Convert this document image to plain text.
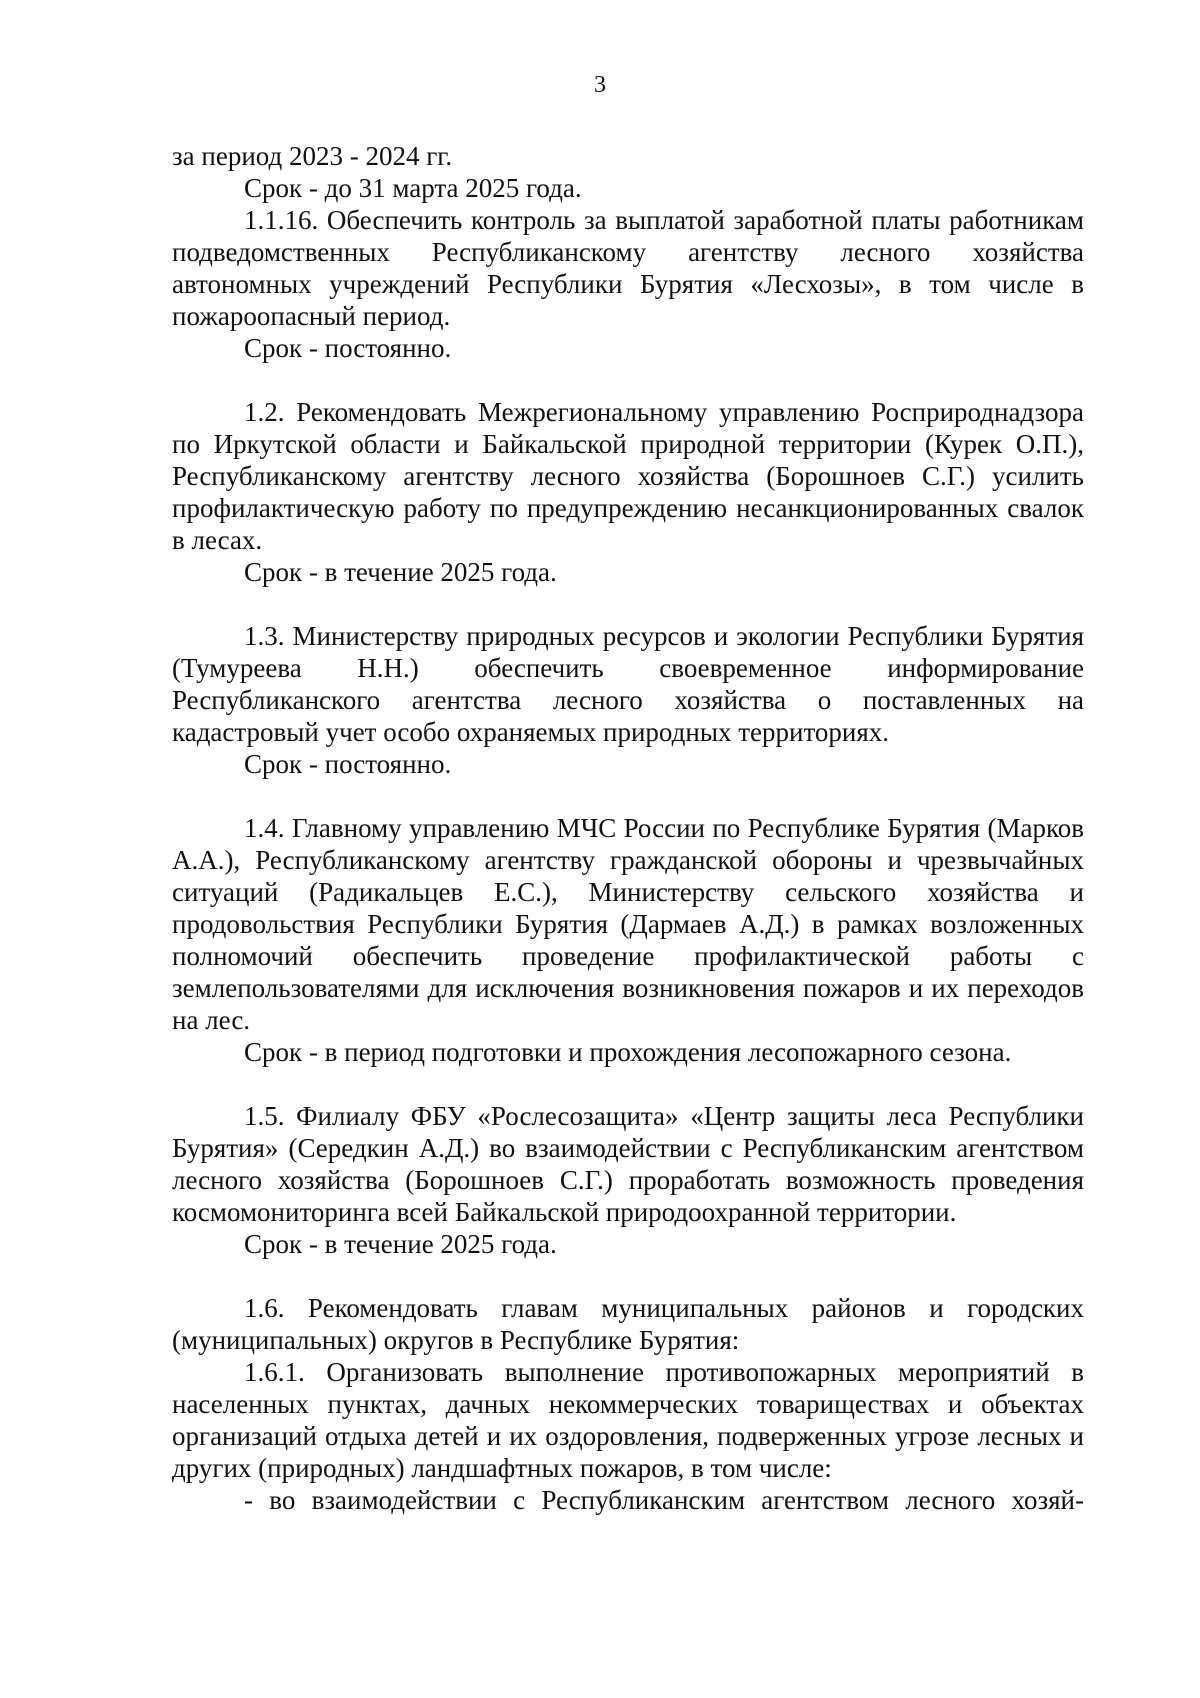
3

за период 2023 - 2024 гг.

Срок - до 31 марта 2025 года.

1.1.16. Обеспечить контроль за выплатой заработной платы работникам подведомственных Республиканскому агентству лесного хозяйства автономных учреждений Республики Бурятия «Лесхозы», в том числе в пожароопасный период.

Срок - постоянно.

1.2. Рекомендовать Межрегиональному управлению Росприроднадзора по Иркутской области и Байкальской природной территории (Курек О.П.), Республиканскому агентству лесного хозяйства (Борошноев С.Г.) усилить профилактическую работу по предупреждению несанкционированных свалок в лесах.

Срок - в течение 2025 года.

1.3. Министерству природных ресурсов и экологии Республики Бурятия (Тумуреева Н.Н.) обеспечить своевременное информирование Республиканского агентства лесного хозяйства о поставленных на кадастровый учет особо охраняемых природных территориях.

Срок - постоянно.

1.4. Главному управлению МЧС России по Республике Бурятия (Марков А.А.), Республиканскому агентству гражданской обороны и чрезвычайных ситуаций (Радикальцев Е.С.), Министерству сельского хозяйства и продовольствия Республики Бурятия (Дармаев А.Д.) в рамках возложенных полномочий обеспечить проведение профилактической работы с землепользователями для исключения возникновения пожаров и их переходов на лес.

Срок - в период подготовки и прохождения лесопожарного сезона.

1.5. Филиалу ФБУ «Рослесозащита» «Центр защиты леса Республики Бурятия» (Середкин А.Д.) во взаимодействии с Республиканским агентством лесного хозяйства (Борошноев С.Г.) проработать возможность проведения космомониторинга всей Байкальской природоохранной территории.

Срок - в течение 2025 года.

1.6. Рекомендовать главам муниципальных районов и городских (муниципальных) округов в Республике Бурятия:

1.6.1. Организовать выполнение противопожарных мероприятий в населенных пунктах, дачных некоммерческих товариществах и объектах организаций отдыха детей и их оздоровления, подверженных угрозе лесных и других (природных) ландшафтных пожаров, в том числе:

- во взаимодействии с Республиканским агентством лесного хозяй-
